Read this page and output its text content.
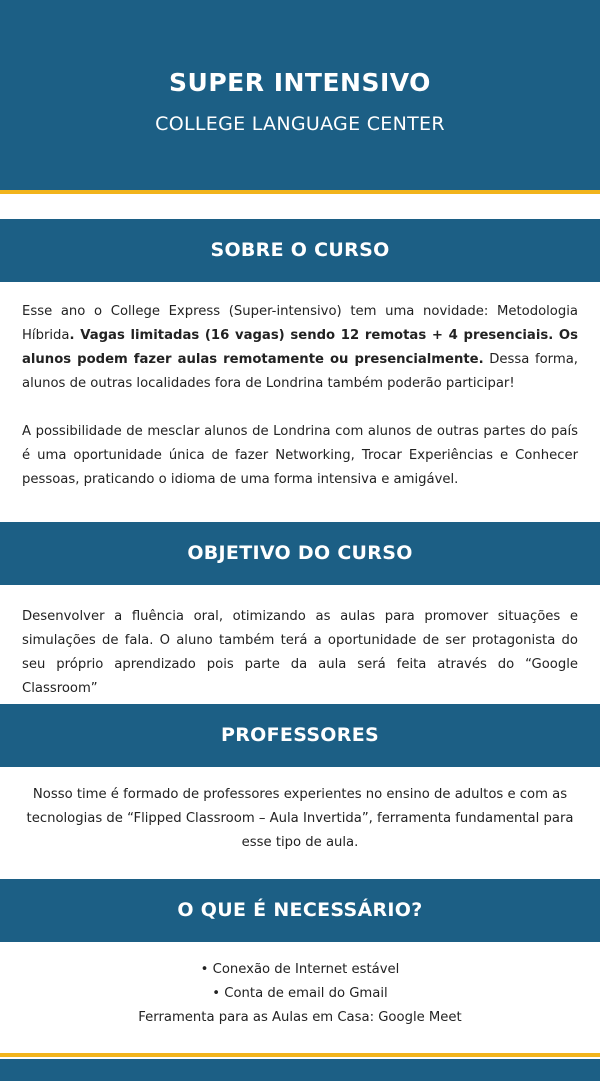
SUPER INTENSIVO
COLLEGE LANGUAGE CENTER
SOBRE O CURSO
Esse ano o College Express (Super-intensivo) tem uma novidade: Metodologia Híbrida. Vagas limitadas (16 vagas) sendo 12 remotas + 4 presenciais. Os alunos podem fazer aulas remotamente ou presencialmente. Dessa forma, alunos de outras localidades fora de Londrina também poderão participar!
A possibilidade de mesclar alunos de Londrina com alunos de outras partes do país é uma oportunidade única de fazer Networking, Trocar Experiências e Conhecer pessoas, praticando o idioma de uma forma intensiva e amigável.
OBJETIVO DO CURSO
Desenvolver a fluência oral, otimizando as aulas para promover situações e simulações de fala. O aluno também terá a oportunidade de ser protagonista do seu próprio aprendizado pois parte da aula será feita através do “Google Classroom”
PROFESSORES
Nosso time é formado de professores experientes no ensino de adultos e com as tecnologias de “Flipped Classroom – Aula Invertida”, ferramenta fundamental para esse tipo de aula.
O QUE É NECESSÁRIO?
• Conexão de Internet estável
• Conta de email do Gmail
Ferramenta para as Aulas em Casa: Google Meet
